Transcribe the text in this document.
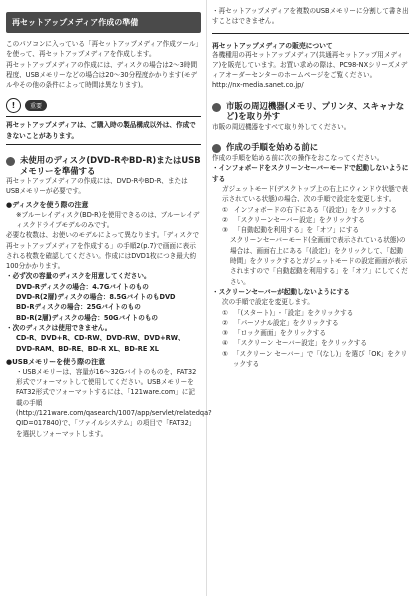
再セットアップメディア作成の準備

このパソコンに入っている「再セットアップメディア作成ツール」を使って、再セットアップメディアを作成します。

再セットアップメディアの作成には、ディスクの場合は2～3時間程度、USBメモリーなどの場合は20～30分程度かかります(モデルやその他の条件によって時間は異なります)。

!	重要

再セットアップメディアは、ご購入時の製品構成以外は、作成できないことがあります。

未使用のディスク(DVD-RやBD-R)またはUSBメモリーを準備する

再セットアップメディアの作成には、DVD-RやBD-R、またはUSBメモリーが必要です。

●ディスクを使う際の注意

※ブルーレイディスク(BD-R)を使用できるのは、ブルーレイディスクドライブモデルのみです。

必要な枚数は、お使いのモデルによって異なります。「ディスクで再セットアップメディアを作成する」の手順2(p.7)で画面に表示される枚数を確認してください。作成にはDVD1枚につき最大約100分かかります。

・ 必ず次の容量のディスクを用意してください。

DVD-Rディスクの場合：4.7Gバイトのもの

DVD-R(2層)ディスクの場合：8.5GバイトのもDVD

BD-Rディスクの場合：25Gバイトのもの

BD-R(2層)ディスクの場合：50Gバイトのもの

・ 次のディスクは使用できません。

CD-R、DVD+R、CD-RW、DVD-RW、DVD+RW、DVD-RAM、BD-RE、BD-R XL、BD-RE XL

●USBメモリーを使う際の注意

・ USBメモリーは、容量が16～32Gバイトのものを、FAT32形式でフォーマットして使用してください。USBメモリーをFAT32形式でフォーマットするには、「121ware.com」に記載の手順(http://121ware.com/qasearch/1007/app/servlet/relatedqa?QID=017840)で、「ファイルシステム」の項目で「FAT32」を選択しフォーマットします。

・ 再セットアップメディアを複数のUSBメモリーに分割して書き出すことはできません。

再セットアップメディアの販売について

各機種用の再セットアップメディア(共通再セットアップ用メディア)を販売しています。お買い求めの際は、PC98-NXシリーズメディアオーダーセンターのホームページをご覧ください。

http://nx-media.sanet.co.jp/

市販の周辺機器(メモリ、プリンタ、スキャナなど)を取り外す

市販の周辺機器をすべて取り外してください。

作成の手順を始める前に

作成の手順を始める前に次の操作をおこなってください。

・ インフォボードをスクリーンセーバーモードで起動しないようにする

ガジェットモード(デスクトップ上の右上にウィンドウ状態で表示されている状態)の場合、次の手順で設定を変更します。

① インフォボードの右下にある「(設定)」をクリックする

② 「スクリーンセーバー設定」をクリックする

③ 「自動起動を利用する」を「オフ」にする

スクリーンセーバーモード(全画面で表示されている状態)の場合は、画面右上にある「(設定)」をクリックして、「起動時間」をクリックするとガジェットモードの設定画面が表示されますので「自動起動を利用する」を「オフ」にしてください。

・ スクリーンセーバーが起動しないようにする

次の手順で設定を変更します。

① 「(スタート)」-「設定」をクリックする

② 「パーソナル設定」をクリックする

③ 「ロック画面」をクリックする

④ 「スクリーン セーバー設定」をクリックする

⑤ 「スクリーン セーバー」で「(なし)」を選び「OK」をクリックする
